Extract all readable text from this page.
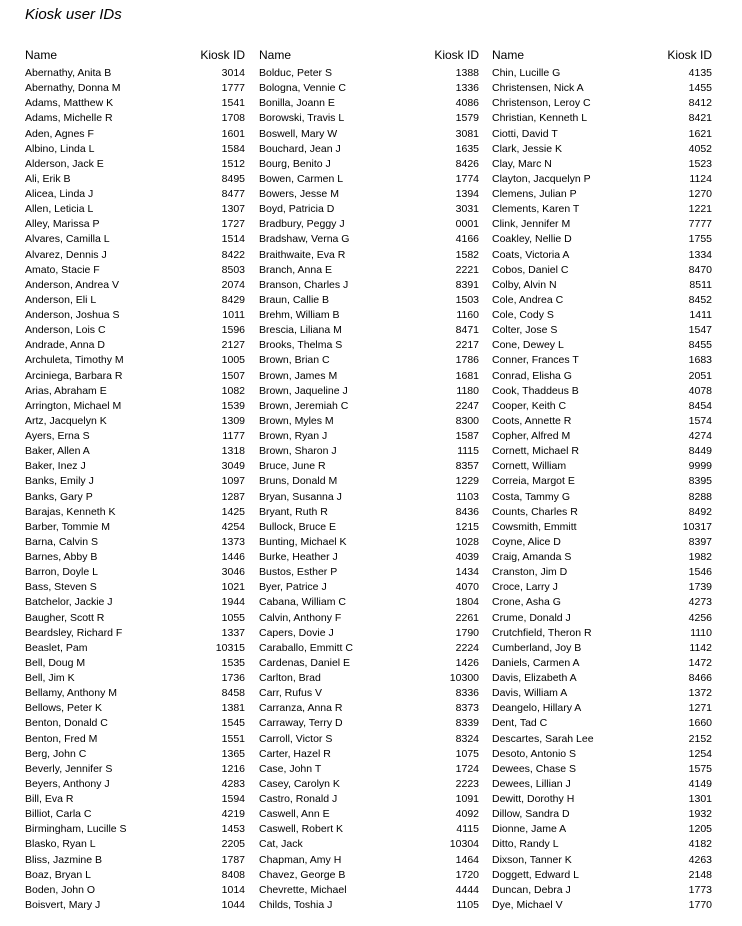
Kiosk user IDs
Name	Kiosk ID
Abernathy, Anita B	3014
Abernathy, Donna M	1777
Adams, Matthew K	1541
Adams, Michelle R	1708
Aden, Agnes F	1601
Albino, Linda L	1584
Alderson, Jack E	1512
Ali, Erik B	8495
Alicea, Linda J	8477
Allen, Leticia L	1307
Alley, Marissa P	1727
Alvares, Camilla L	1514
Alvarez, Dennis J	8422
Amato, Stacie F	8503
Anderson, Andrea V	2074
Anderson, Eli L	8429
Anderson, Joshua S	1011
Anderson, Lois C	1596
Andrade, Anna D	2127
Archuleta, Timothy M	1005
Arciniega, Barbara R	1507
Arias, Abraham E	1082
Arrington, Michael M	1539
Artz, Jacquelyn K	1309
Ayers, Erna S	1177
Baker, Allen A	1318
Baker, Inez J	3049
Banks, Emily J	1097
Banks, Gary P	1287
Barajas, Kenneth K	1425
Barber, Tommie M	4254
Barna, Calvin S	1373
Barnes, Abby B	1446
Barron, Doyle L	3046
Bass, Steven S	1021
Batchelor, Jackie J	1944
Baugher, Scott R	1055
Beardsley, Richard F	1337
Beaslet, Pam	10315
Bell, Doug M	1535
Bell, Jim K	1736
Bellamy, Anthony M	8458
Bellows, Peter K	1381
Benton, Donald C	1545
Benton, Fred M	1551
Berg, John C	1365
Beverly, Jennifer S	1216
Beyers, Anthony J	4283
Bill, Eva R	1594
Billiot, Carla C	4219
Birmingham, Lucille S	1453
Blasko, Ryan L	2205
Bliss, Jazmine B	1787
Boaz, Bryan L	8408
Boden, John O	1014
Boisvert, Mary J	1044
Name	Kiosk ID
Bolduc, Peter S	1388
Bologna, Vennie C	1336
Bonilla, Joann E	4086
Borowski, Travis L	1579
Boswell, Mary W	3081
Bouchard, Jean J	1635
Bourg, Benito J	8426
Bowen, Carmen L	1774
Bowers, Jesse M	1394
Boyd, Patricia D	3031
Bradbury, Peggy J	0001
Bradshaw, Verna G	4166
Braithwaite, Eva R	1582
Branch, Anna E	2221
Branson, Charles J	8391
Braun, Callie B	1503
Brehm, William B	1160
Brescia, Liliana M	8471
Brooks, Thelma S	2217
Brown, Brian C	1786
Brown, James M	1681
Brown, Jaqueline J	1180
Brown, Jeremiah C	2247
Brown, Myles M	8300
Brown, Ryan J	1587
Brown, Sharon J	1115
Bruce, June R	8357
Bruns, Donald M	1229
Bryan, Susanna J	1103
Bryant, Ruth R	8436
Bullock, Bruce E	1215
Bunting, Michael K	1028
Burke, Heather J	4039
Bustos, Esther P	1434
Byer, Patrice J	4070
Cabana, William C	1804
Calvin, Anthony F	2261
Capers, Dovie J	1790
Caraballo, Emmitt C	2224
Cardenas, Daniel E	1426
Carlton, Brad	10300
Carr, Rufus V	8336
Carranza, Anna R	8373
Carraway, Terry D	8339
Carroll, Victor S	8324
Carter, Hazel R	1075
Case, John T	1724
Casey, Carolyn K	2223
Castro, Ronald J	1091
Caswell, Ann E	4092
Caswell, Robert K	4115
Cat, Jack	10304
Chapman, Amy H	1464
Chavez, George B	1720
Chevrette, Michael	4444
Childs, Toshia J	1105
Name	Kiosk ID
Chin, Lucille G	4135
Christensen, Nick A	1455
Christenson, Leroy C	8412
Christian, Kenneth L	8421
Ciotti, David T	1621
Clark, Jessie K	4052
Clay, Marc N	1523
Clayton, Jacquelyn P	1124
Clemens, Julian P	1270
Clements, Karen T	1221
Clink, Jennifer M	7777
Coakley, Nellie D	1755
Coats, Victoria A	1334
Cobos, Daniel C	8470
Colby, Alvin N	8511
Cole, Andrea C	8452
Cole, Cody S	1411
Colter, Jose S	1547
Cone, Dewey L	8455
Conner, Frances T	1683
Conrad, Elisha G	2051
Cook, Thaddeus B	4078
Cooper, Keith C	8454
Coots, Annette R	1574
Copher, Alfred M	4274
Cornett, Michael R	8449
Cornett, William	9999
Correia, Margot E	8395
Costa, Tammy G	8288
Counts, Charles R	8492
Cowsmith, Emmitt	10317
Coyne, Alice D	8397
Craig, Amanda S	1982
Cranston, Jim D	1546
Croce, Larry J	1739
Crone, Asha G	4273
Crume, Donald J	4256
Crutchfield, Theron R	1110
Cumberland, Joy B	1142
Daniels, Carmen A	1472
Davis, Elizabeth A	8466
Davis, William A	1372
Deangelo, Hillary A	1271
Dent, Tad C	1660
Descartes, Sarah Lee	2152
Desoto, Antonio S	1254
Dewees, Chase S	1575
Dewees, Lillian J	4149
Dewitt, Dorothy H	1301
Dillow, Sandra D	1932
Dionne, Jame A	1205
Ditto, Randy L	4182
Dixson, Tanner K	4263
Doggett, Edward L	2148
Duncan, Debra J	1773
Dye, Michael V	1770
